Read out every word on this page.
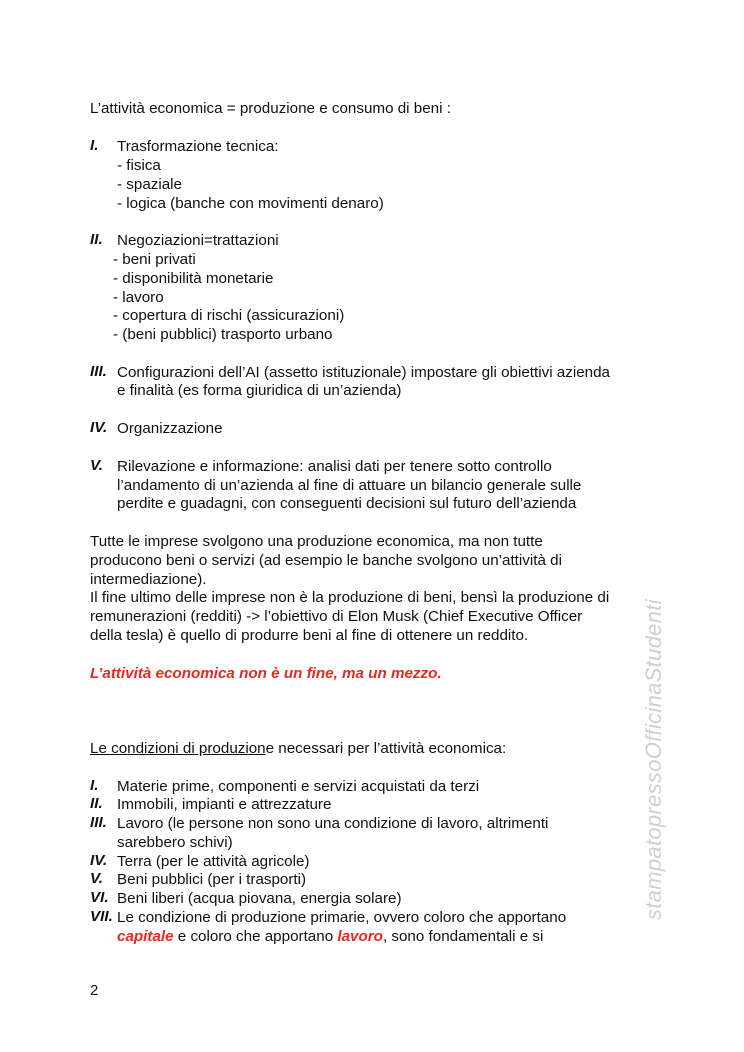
L’attività economica = produzione e consumo di beni :
I. Trasformazione tecnica:
- fisica
- spaziale
- logica (banche con movimenti denaro)
II. Negoziazioni=trattazioni
- beni privati
- disponibilità monetarie
- lavoro
- copertura di rischi (assicurazioni)
- (beni pubblici) trasporto urbano
III. Configurazioni dell’AI (assetto istituzionale) impostare gli obiettivi azienda
e finalità (es forma giuridica di un’azienda)
IV. Organizzazione
V. Rilevazione e informazione: analisi dati per tenere sotto controllo
l’andamento di un’azienda al fine di attuare un bilancio generale sulle
perdite e guadagni, con conseguenti decisioni sul futuro dell’azienda
Tutte le imprese svolgono una produzione economica, ma non tutte
producono beni o servizi (ad esempio le banche svolgono un’attività di
intermediazione).
Il fine ultimo delle imprese non è la produzione di beni, bensì la produzione di
remunerazioni (redditi) -> l’obiettivo di Elon Musk (Chief Executive Officer
della tesla) è quello di produrre beni al fine di ottenere un reddito.
L’attività economica non è un fine, ma un mezzo.
Le condizioni di produzione necessari per l’attività economica:
I. Materie prime, componenti e servizi acquistati da terzi
II. Immobili, impianti e attrezzature
III. Lavoro (le persone non sono una condizione di lavoro, altrimenti
sarebbero schivi)
IV. Terra (per le attività agricole)
V. Beni pubblici (per i trasporti)
VI. Beni liberi (acqua piovana, energia solare)
VII. Le condizione di produzione primarie, ovvero coloro che apportano
capitale e coloro che apportano lavoro, sono fondamentali e si
2
stampatopressoOfficinaStudenti
